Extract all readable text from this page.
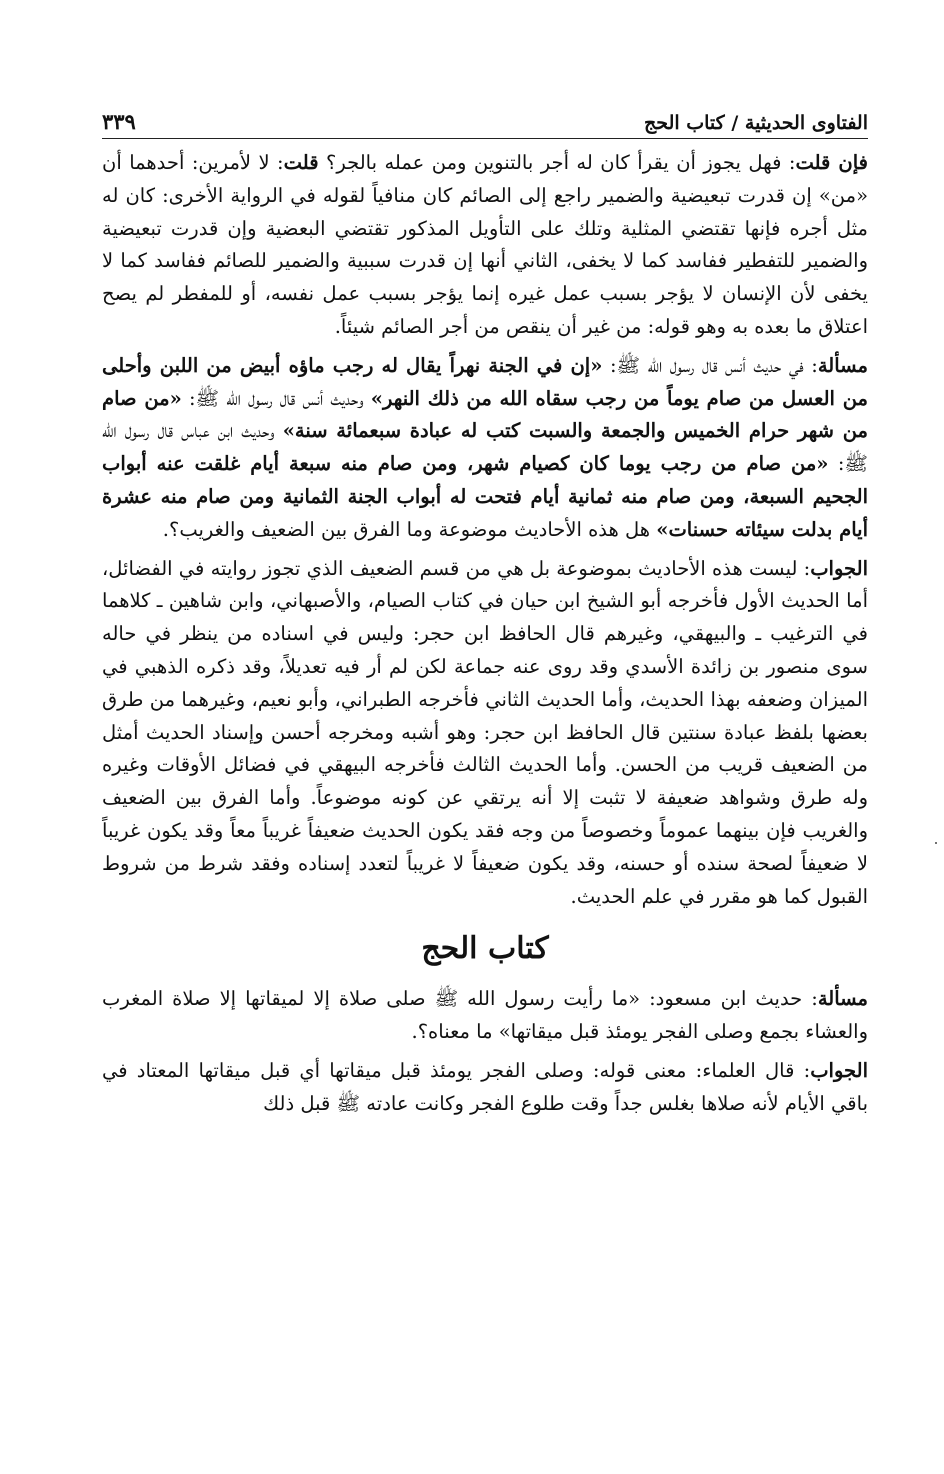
الفتاوى الحديثية / كتاب الحج
٣٣٩

فإن قلت: فهل يجوز أن يقرأ كان له أجر بالتنوين ومن عمله بالجر؟ قلت: لا لأمرين: أحدهما أن «من» إن قدرت تبعيضية والضمير راجع إلى الصائم كان منافياً لقوله في الرواية الأخرى: كان له مثل أجره فإنها تقتضي المثلية وتلك على التأويل المذكور تقتضي البعضية وإن قدرت تبعيضية والضمير للتفطير ففاسد كما لا يخفى، الثاني أنها إن قدرت سببية والضمير للصائم ففاسد كما لا يخفى لأن الإنسان لا يؤجر بسبب عمل غيره إنما يؤجر بسبب عمل نفسه، أو للمفطر لم يصح اعتلاق ما بعده به وهو قوله: من غير أن ينقص من أجر الصائم شيئاً.

مسألة: في حديث أنس قال رسول الله ﷺ: «إن في الجنة نهراً يقال له رجب ماؤه أبيض من اللبن وأحلى من العسل من صام يوماً من رجب سقاه الله من ذلك النهر» وحديث أنس قال رسول الله ﷺ: «من صام من شهر حرام الخميس والجمعة والسبت كتب له عبادة سبعمائة سنة» وحديث ابن عباس قال رسول الله ﷺ: «من صام من رجب يوما كان كصيام شهر، ومن صام منه سبعة أيام غلقت عنه أبواب الجحيم السبعة، ومن صام منه ثمانية أيام فتحت له أبواب الجنة الثمانية ومن صام منه عشرة أيام بدلت سيئاته حسنات» هل هذه الأحاديث موضوعة وما الفرق بين الضعيف والغريب؟.

الجواب: ليست هذه الأحاديث بموضوعة بل هي من قسم الضعيف الذي تجوز روايته في الفضائل، أما الحديث الأول فأخرجه أبو الشيخ ابن حيان في كتاب الصيام، والأصبهاني، وابن شاهين ـ كلاهما في الترغيب ـ والبيهقي، وغيرهم قال الحافظ ابن حجر: وليس في اسناده من ينظر في حاله سوى منصور بن زائدة الأسدي وقد روى عنه جماعة لكن لم أر فيه تعديلاً، وقد ذكره الذهبي في الميزان وضعفه بهذا الحديث، وأما الحديث الثاني فأخرجه الطبراني، وأبو نعيم، وغيرهما من طرق بعضها بلفظ عبادة سنتين قال الحافظ ابن حجر: وهو أشبه ومخرجه أحسن وإسناد الحديث أمثل من الضعيف قريب من الحسن. وأما الحديث الثالث فأخرجه البيهقي في فضائل الأوقات وغيره وله طرق وشواهد ضعيفة لا تثبت إلا أنه يرتقي عن كونه موضوعاً. وأما الفرق بين الضعيف والغريب فإن بينهما عموماً وخصوصاً من وجه فقد يكون الحديث ضعيفاً غريباً معاً وقد يكون غريباً لا ضعيفاً لصحة سنده أو حسنه، وقد يكون ضعيفاً لا غريباً لتعدد إسناده وفقد شرط من شروط القبول كما هو مقرر في علم الحديث.

كتاب الحج

مسألة: حديث ابن مسعود: «ما رأيت رسول الله ﷺ صلى صلاة إلا لميقاتها إلا صلاة المغرب والعشاء بجمع وصلى الفجر يومئذ قبل ميقاتها» ما معناه؟.

الجواب: قال العلماء: معنى قوله: وصلى الفجر يومئذ قبل ميقاتها أي قبل ميقاتها المعتاد في باقي الأيام لأنه صلاها بغلس جداً وقت طلوع الفجر وكانت عادته ﷺ قبل ذلك
